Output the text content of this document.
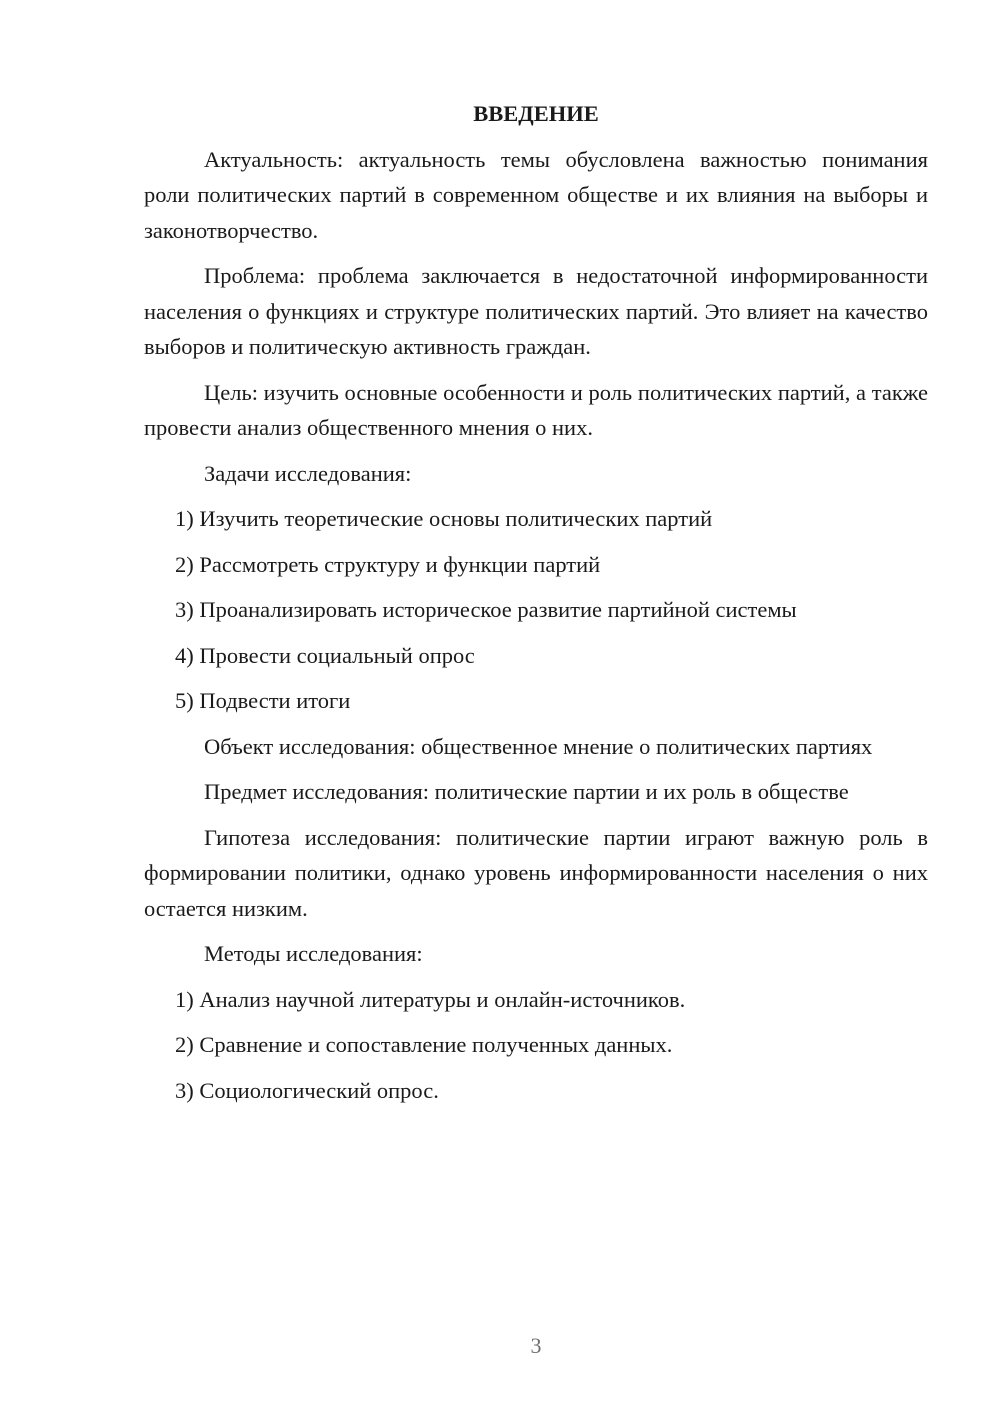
ВВЕДЕНИЕ
Актуальность: актуальность темы обусловлена важностью понимания роли политических партий в современном обществе и их влияния на выборы и законотворчество.
Проблема: проблема заключается в недостаточной информированности населения о функциях и структуре политических партий. Это влияет на качество выборов и политическую активность граждан.
Цель: изучить основные особенности и роль политических партий, а также провести анализ общественного мнения о них.
Задачи исследования:
1) Изучить теоретические основы политических партий
2) Рассмотреть структуру и функции партий
3) Проанализировать историческое развитие партийной системы
4) Провести социальный опрос
5) Подвести итоги
Объект исследования: общественное мнение о политических партиях
Предмет исследования: политические партии и их роль в обществе
Гипотеза исследования: политические партии играют важную роль в формировании политики, однако уровень информированности населения о них остается низким.
Методы исследования:
1) Анализ научной литературы и онлайн-источников.
2) Сравнение и сопоставление полученных данных.
3) Социологический опрос.
3
